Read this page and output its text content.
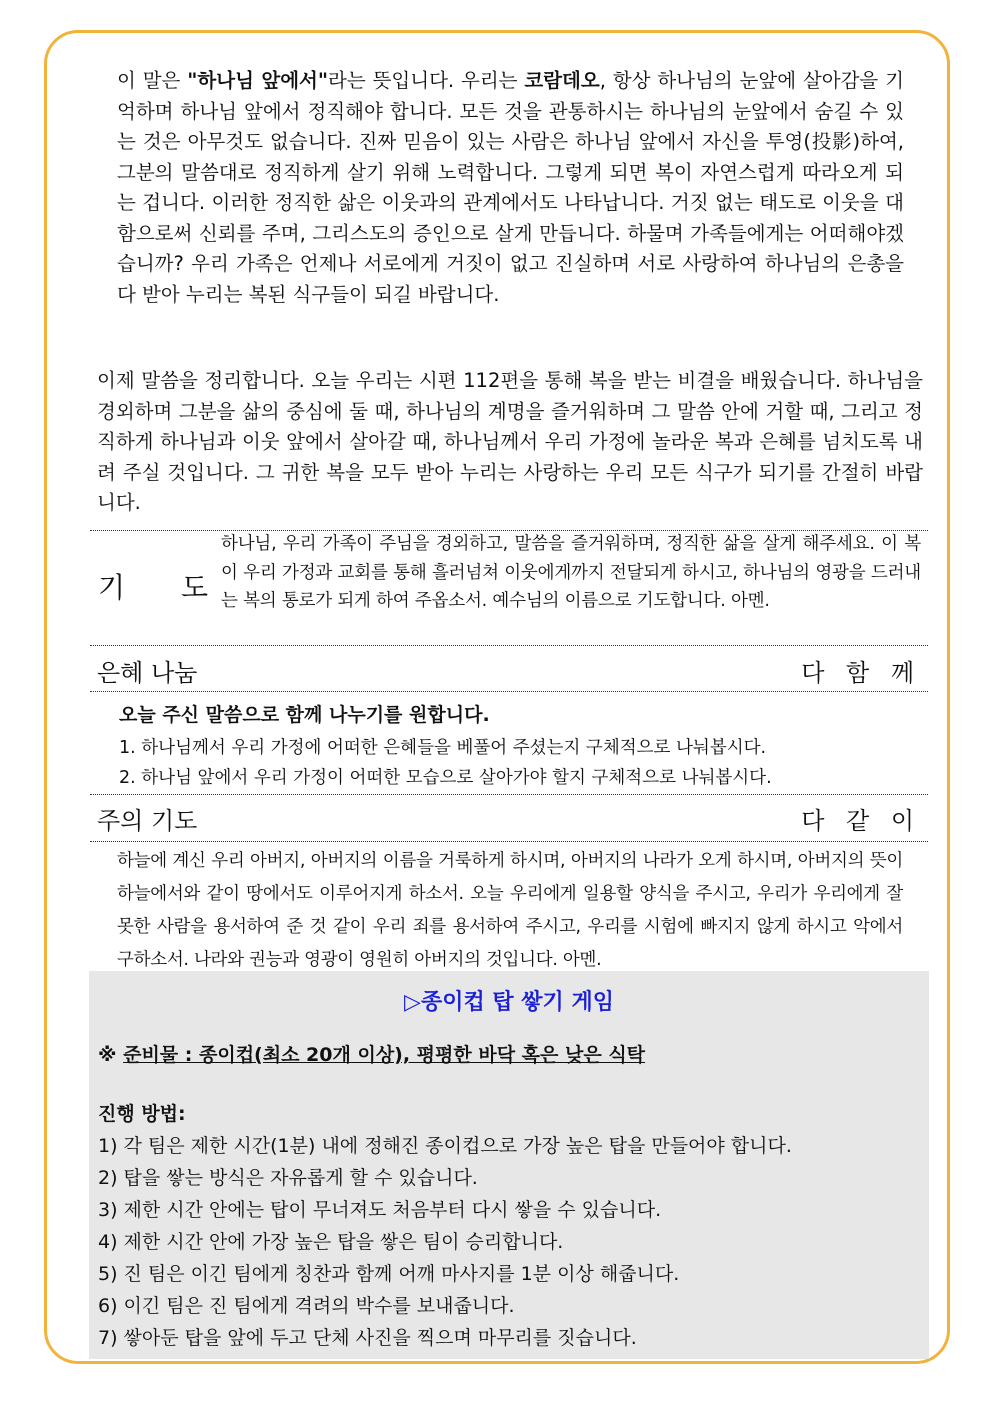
이 말은 "하나님 앞에서"라는 뜻입니다. 우리는 코람데오, 항상 하나님의 눈앞에 살아감을 기억하며 하나님 앞에서 정직해야 합니다. 모든 것을 관통하시는 하나님의 눈앞에서 숨길 수 있는 것은 아무것도 없습니다. 진짜 믿음이 있는 사람은 하나님 앞에서 자신을 투영(投影)하여, 그분의 말씀대로 정직하게 살기 위해 노력합니다. 그렇게 되면 복이 자연스럽게 따라오게 되는 겁니다. 이러한 정직한 삶은 이웃과의 관계에서도 나타납니다. 거짓 없는 태도로 이웃을 대함으로써 신뢰를 주며, 그리스도의 증인으로 살게 만듭니다. 하물며 가족들에게는 어떠해야겠습니까? 우리 가족은 언제나 서로에게 거짓이 없고 진실하며 서로 사랑하여 하나님의 은총을 다 받아 누리는 복된 식구들이 되길 바랍니다.

이제 말씀을 정리합니다. 오늘 우리는 시편 112편을 통해 복을 받는 비결을 배웠습니다. 하나님을 경외하며 그분을 삶의 중심에 둘 때, 하나님의 계명을 즐거워하며 그 말씀 안에 거할 때, 그리고 정직하게 하나님과 이웃 앞에서 살아갈 때, 하나님께서 우리 가정에 놀라운 복과 은혜를 넘치도록 내려 주실 것입니다. 그 귀한 복을 모두 받아 누리는 사랑하는 우리 모든 식구가 되기를 간절히 바랍니다.

기 도

하나님, 우리 가족이 주님을 경외하고, 말씀을 즐거워하며, 정직한 삶을 살게 해주세요. 이 복이 우리 가정과 교회를 통해 흘러넘쳐 이웃에게까지 전달되게 하시고, 하나님의 영광을 드러내는 복의 통로가 되게 하여 주옵소서. 예수님의 이름으로 기도합니다. 아멘.

은혜 나눔	다 함 께
오늘 주신 말씀으로 함께 나누기를 원합니다.
1. 하나님께서 우리 가정에 어떠한 은혜들을 베풀어 주셨는지 구체적으로 나눠봅시다.
2. 하나님 앞에서 우리 가정이 어떠한 모습으로 살아가야 할지 구체적으로 나눠봅시다.
주의 기도	다 같 이

하늘에 계신 우리 아버지, 아버지의 이름을 거룩하게 하시며, 아버지의 나라가 오게 하시며, 아버지의 뜻이 하늘에서와 같이 땅에서도 이루어지게 하소서. 오늘 우리에게 일용할 양식을 주시고, 우리가 우리에게 잘못한 사람을 용서하여 준 것 같이 우리 죄를 용서하여 주시고, 우리를 시험에 빠지지 않게 하시고 악에서 구하소서. 나라와 권능과 영광이 영원히 아버지의 것입니다. 아멘.

▷종이컵 탑 쌓기 게임
※ 준비물 : 종이컵(최소 20개 이상), 평평한 바닥 혹은 낮은 식탁
진행 방법:
1) 각 팀은 제한 시간(1분) 내에 정해진 종이컵으로 가장 높은 탑을 만들어야 합니다.
2) 탑을 쌓는 방식은 자유롭게 할 수 있습니다.
3) 제한 시간 안에는 탑이 무너져도 처음부터 다시 쌓을 수 있습니다.
4) 제한 시간 안에 가장 높은 탑을 쌓은 팀이 승리합니다.
5) 진 팀은 이긴 팀에게 칭찬과 함께 어깨 마사지를 1분 이상 해줍니다.
6) 이긴 팀은 진 팀에게 격려의 박수를 보내줍니다.
7) 쌓아둔 탑을 앞에 두고 단체 사진을 찍으며 마무리를 짓습니다.
